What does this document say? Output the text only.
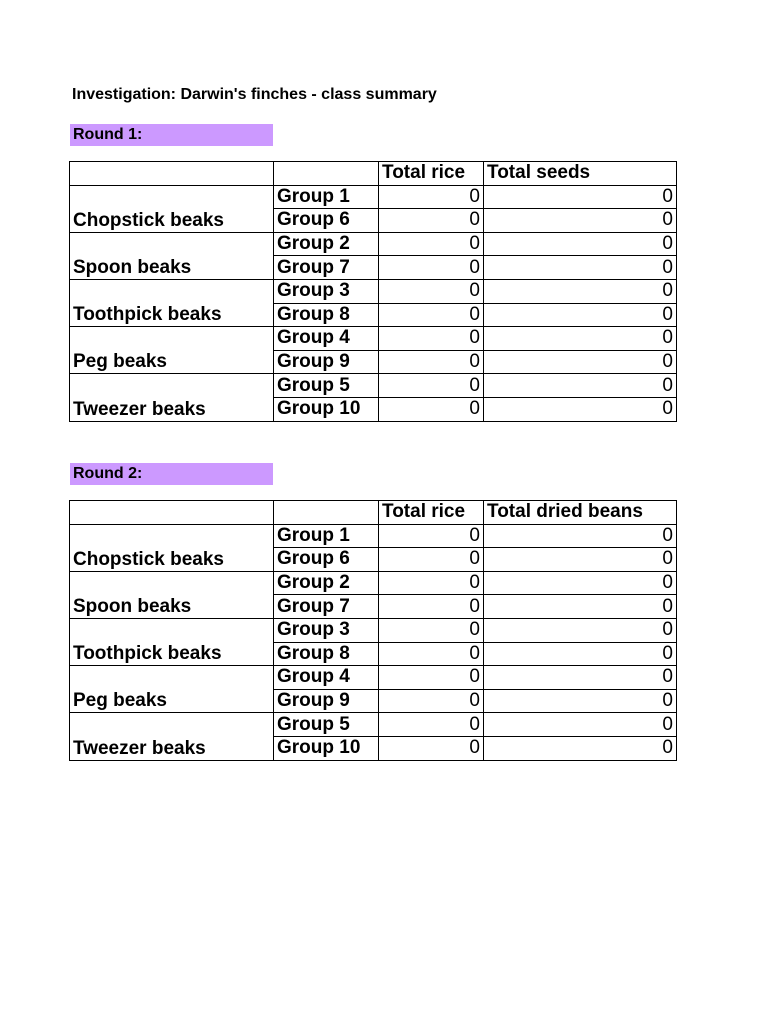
Investigation: Darwin's finches - class summary
Round 1:
		Total rice	Total seeds
Chopstick beaks	Group 1	0	0
	Group 6	0	0
Spoon beaks	Group 2	0	0
	Group 7	0	0
Toothpick beaks	Group 3	0	0
	Group 8	0	0
Peg beaks	Group 4	0	0
	Group 9	0	0
Tweezer beaks	Group 5	0	0
	Group 10	0	0
Round 2:
		Total rice	Total dried beans
Chopstick beaks	Group 1	0	0
	Group 6	0	0
Spoon beaks	Group 2	0	0
	Group 7	0	0
Toothpick beaks	Group 3	0	0
	Group 8	0	0
Peg beaks	Group 4	0	0
	Group 9	0	0
Tweezer beaks	Group 5	0	0
	Group 10	0	0
